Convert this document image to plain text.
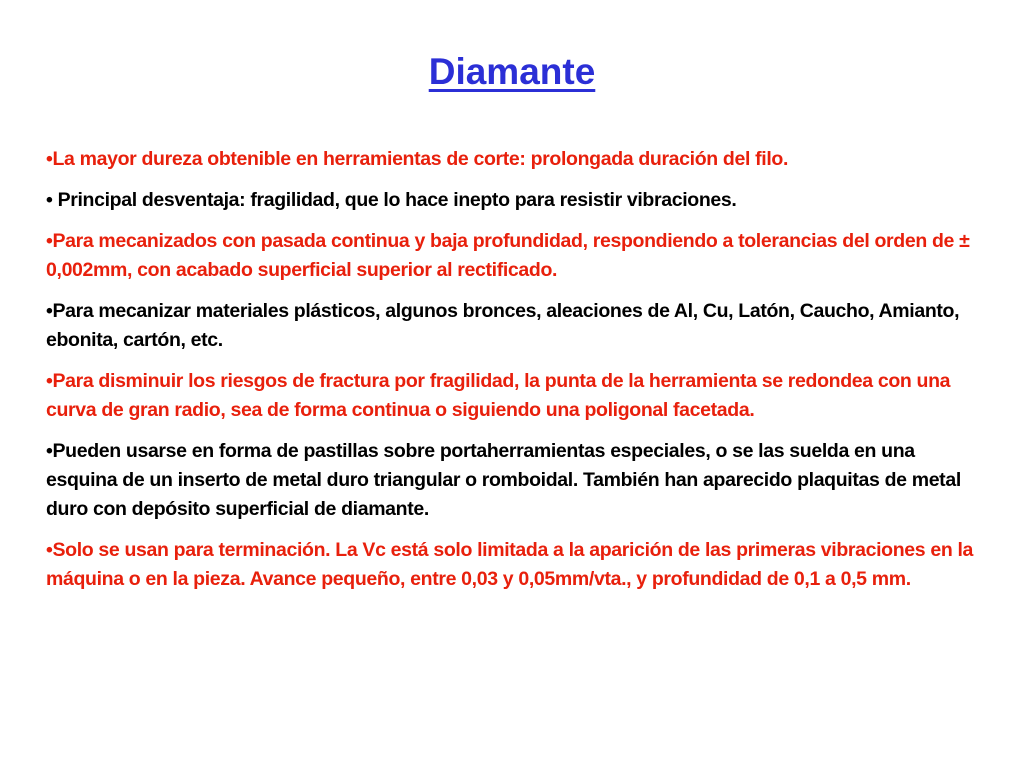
Diamante
•La mayor dureza obtenible en herramientas de corte: prolongada duración del filo.
• Principal desventaja: fragilidad, que lo hace inepto para resistir vibraciones.
•Para mecanizados con pasada continua y baja profundidad, respondiendo a tolerancias del orden de ± 0,002mm, con acabado superficial superior al rectificado.
•Para mecanizar materiales plásticos, algunos bronces, aleaciones de Al, Cu, Latón, Caucho, Amianto, ebonita, cartón, etc.
•Para disminuir los riesgos de fractura por fragilidad, la punta de la herramienta se redondea con una curva de gran radio, sea de forma continua o siguiendo una poligonal facetada.
•Pueden usarse en forma de pastillas sobre portaherramientas especiales, o se las suelda en una esquina de un inserto de metal duro triangular o romboidal. También han aparecido plaquitas de metal duro con depósito superficial de diamante.
•Solo se usan para terminación. La Vc está solo limitada a la aparición de las primeras vibraciones en la máquina o en la pieza. Avance pequeño, entre 0,03 y 0,05mm/vta., y profundidad de 0,1 a 0,5 mm.
